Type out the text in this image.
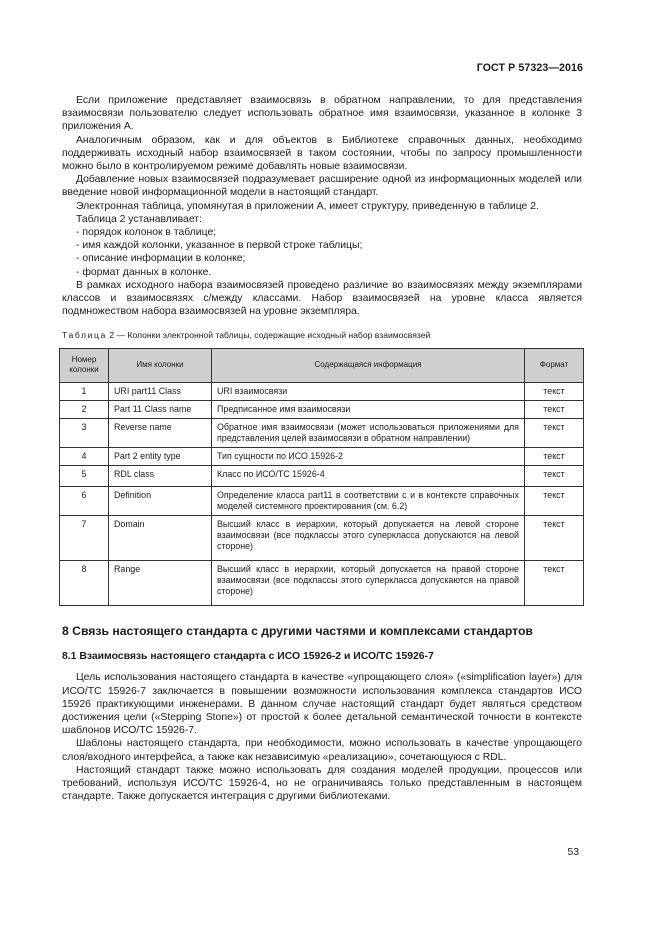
ГОСТ Р 57323—2016

Если приложение представляет взаимосвязь в обратном направлении, то для представления взаимосвязи пользователю следует использовать обратное имя взаимосвязи, указанное в колонке 3 приложения А.

Аналогичным образом, как и для объектов в Библиотеке справочных данных, необходимо поддерживать исходный набор взаимосвязей в таком состоянии, чтобы по запросу промышленности можно было в контролируемом режиме добавлять новые взаимосвязи.

Добавление новых взаимосвязей подразумевает расширение одной из информационных моделей или введение новой информационной модели в настоящий стандарт.

Электронная таблица, упомянутая в приложении А, имеет структуру, приведенную в таблице 2.

Таблица 2 устанавливает:

- порядок колонок в таблице;
- имя каждой колонки, указанное в первой строке таблицы;
- описание информации в колонке;
- формат данных в колонке.

В рамках исходного набора взаимосвязей проведено различие во взаимосвязях между экземплярами классов и взаимосвязях с/между классами. Набор взаимосвязей на уровне класса является подмножеством набора взаимосвязей на уровне экземпляра.

Таблица 2 — Колонки электронной таблицы, содержащие исходный набор взаимосвязей
Номер колонки	Имя колонки	Содержащаяся информация	Формат
1	URI part11 Class	URI взаимосвязи	текст
2	Part 11 Class name	Предписанное имя взаимосвязи	текст
3	Reverse name	Обратное имя взаимосвязи (может использоваться приложениями для представления целей взаимосвязи в обратном направлении)	текст
4	Part 2 entity type	Тип сущности по ИСО 15926-2	текст
5	RDL class	Класс по ИСО/ТС 15926-4	текст
6	Definition	Определение класса part11 в соответствии с и в контексте справочных моделей системного проектирования (см. 6.2)	текст
7	Domain	Высший класс в иерархии, который допускается на левой стороне взаимосвязи (все подклассы этого суперкласса допускаются на левой стороне)	текст
8	Range	Высший класс в иерархии, который допускается на правой стороне взаимосвязи (все подклассы этого суперкласса допускаются на правой стороне)	текст
8 Связь настоящего стандарта с другими частями и комплексами стандартов
8.1 Взаимосвязь настоящего стандарта с ИСО 15926-2 и ИСО/ТС 15926-7

Цель использования настоящего стандарта в качестве «упрощающего слоя» («simplification layer») для ИСО/ТС 15926-7 заключается в повышении возможности использования комплекса стандартов ИСО 15926 практикующими инженерами. В данном случае настоящий стандарт будет являться средством достижения цели («Stepping Stone») от простой к более детальной семантической точности в контексте шаблонов ИСО/ТС 15926-7.

Шаблоны настоящего стандарта, при необходимости, можно использовать в качестве упрощающего слоя/входного интерфейса, а также как независимую «реализацию», сочетающуюся с RDL.

Настоящий стандарт также можно использовать для создания моделей продукции, процессов или требований, используя ИСО/ТС 15926-4, но не ограничиваясь только представленным в настоящем стандарте. Также допускается интеграция с другими библиотеками.

53
